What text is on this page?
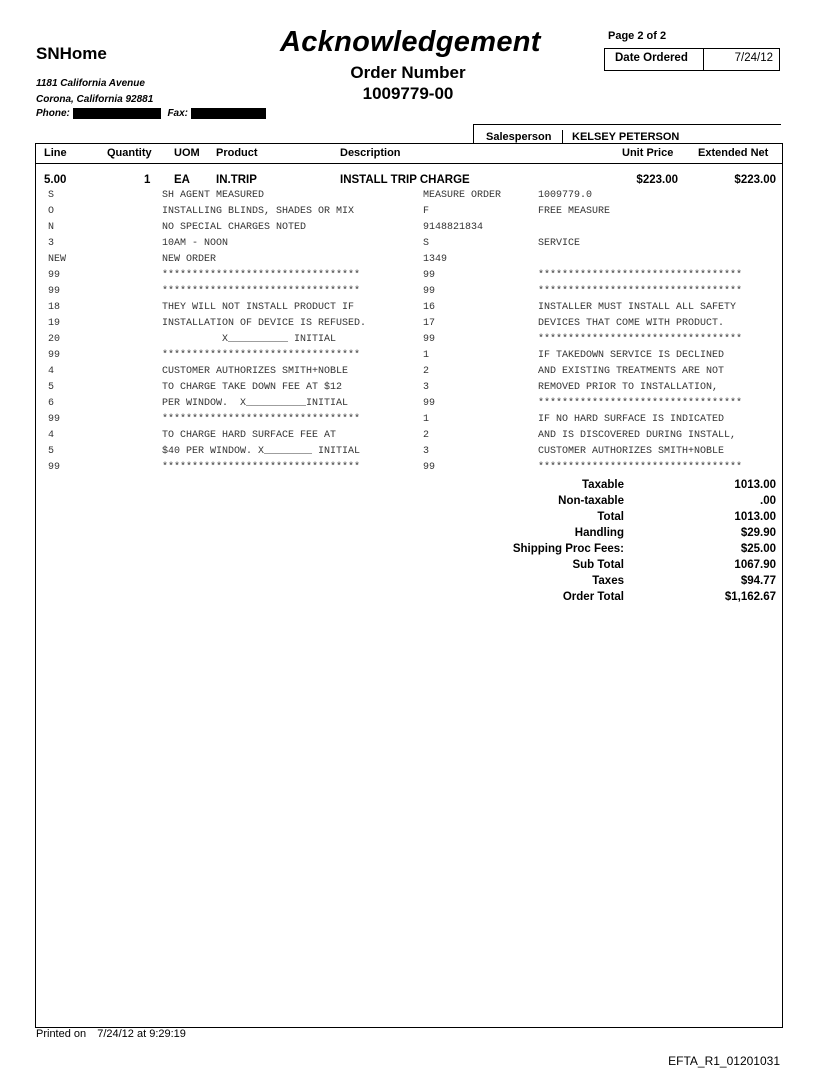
SNHome
1181 California Avenue
Corona, California 92881
Phone:	Fax:
Acknowledgement
Order Number
1009779-00
Page 2 of 2
Date Ordered	7/24/12
Salesperson KELSEY PETERSON
Line	Quantity UOM Product	Description	Unit Price Extended Net
5.00	1 EA IN.TRIP	INSTALL TRIP CHARGE	$223.00	$223.00
S	SH AGENT MEASURED	MEASURE ORDER	1009779.0
O	INSTALLING BLINDS, SHADES OR MIX	F	FREE MEASURE
N	NO SPECIAL CHARGES NOTED	9148821834
3	10AM - NOON	S	SERVICE
NEW	NEW ORDER	1349
99	*********************************	99	**********************************
99	*********************************	99	**********************************
18	THEY WILL NOT INSTALL PRODUCT IF	16	INSTALLER MUST INSTALL ALL SAFETY
19	INSTALLATION OF DEVICE IS REFUSED.	17	DEVICES THAT COME WITH PRODUCT.
20	X__________ INITIAL	99	**********************************
99	*********************************	1	IF TAKEDOWN SERVICE IS DECLINED
4	CUSTOMER AUTHORIZES SMITH+NOBLE	2	AND EXISTING TREATMENTS ARE NOT
5	TO CHARGE TAKE DOWN FEE AT $12	3	REMOVED PRIOR TO INSTALLATION,
6	PER WINDOW.  X__________INITIAL	99	**********************************
99	*********************************	1	IF NO HARD SURFACE IS INDICATED
4	TO CHARGE HARD SURFACE FEE AT	2	AND IS DISCOVERED DURING INSTALL,
5	$40 PER WINDOW. X________ INITIAL	3	CUSTOMER AUTHORIZES SMITH+NOBLE
99	*********************************	99	**********************************
Taxable	1013.00
Non-taxable	.00
Total	1013.00
Handling	$29.90
Shipping Proc Fees:	$25.00
Sub Total	1067.90
Taxes	$94.77
Order Total	$1,162.67
Printed on 7/24/12 at 9:29:19
EFTA_R1_01201031
